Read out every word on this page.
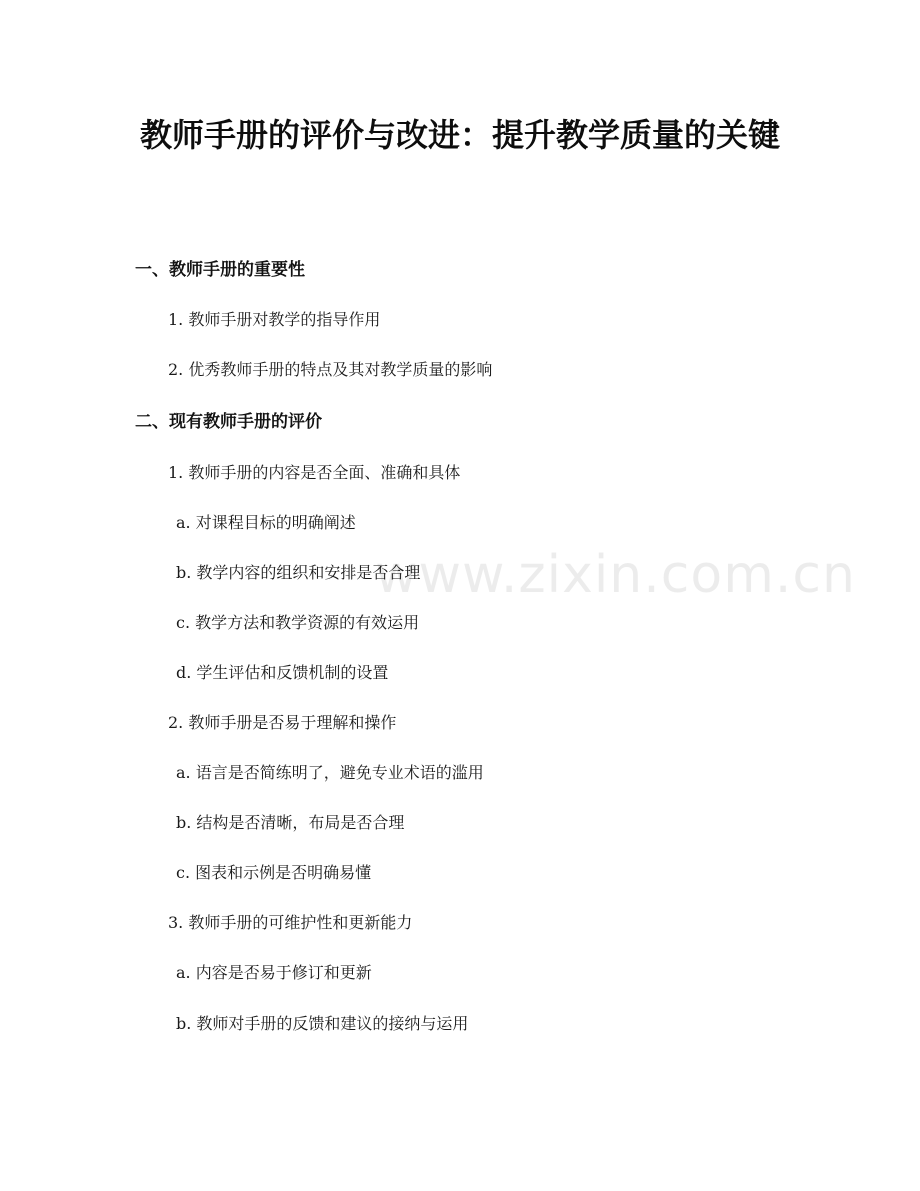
教师手册的评价与改进：提升教学质量的关键
www.zixin.com.cn
一、教师手册的重要性
1. 教师手册对教学的指导作用
2. 优秀教师手册的特点及其对教学质量的影响
二、现有教师手册的评价
1. 教师手册的内容是否全面、准确和具体
a. 对课程目标的明确阐述
b. 教学内容的组织和安排是否合理
c. 教学方法和教学资源的有效运用
d. 学生评估和反馈机制的设置
2. 教师手册是否易于理解和操作
a. 语言是否简练明了，避免专业术语的滥用
b. 结构是否清晰，布局是否合理
c. 图表和示例是否明确易懂
3. 教师手册的可维护性和更新能力
a. 内容是否易于修订和更新
b. 教师对手册的反馈和建议的接纳与运用
